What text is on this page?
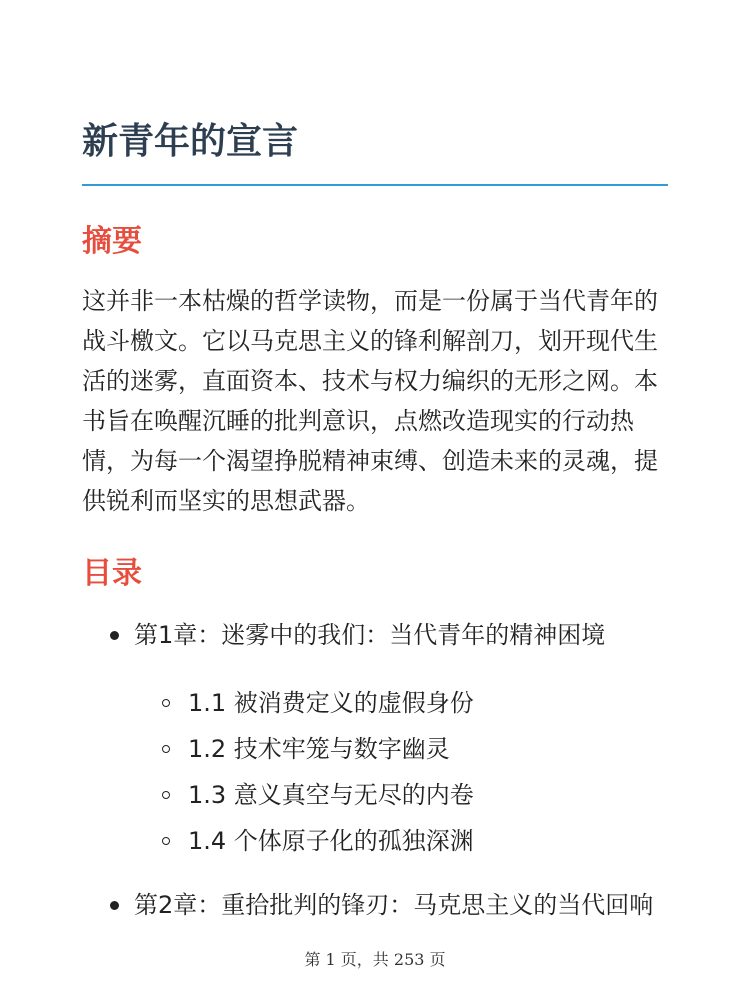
新青年的宣言
摘要

这并非一本枯燥的哲学读物，而是一份属于当代青年的战斗檄文。它以马克思主义的锋利解剖刀，划开现代生活的迷雾，直面资本、技术与权力编织的无形之网。本书旨在唤醒沉睡的批判意识，点燃改造现实的行动热情，为每一个渴望挣脱精神束缚、创造未来的灵魂，提供锐利而坚实的思想武器。

目录
第1章：迷雾中的我们：当代青年的精神困境
1.1 被消费定义的虚假身份
1.2 技术牢笼与数字幽灵
1.3 意义真空与无尽的内卷
1.4 个体原子化的孤独深渊
第2章：重拾批判的锋刃：马克思主义的当代回响
第 1 页，共 253 页
